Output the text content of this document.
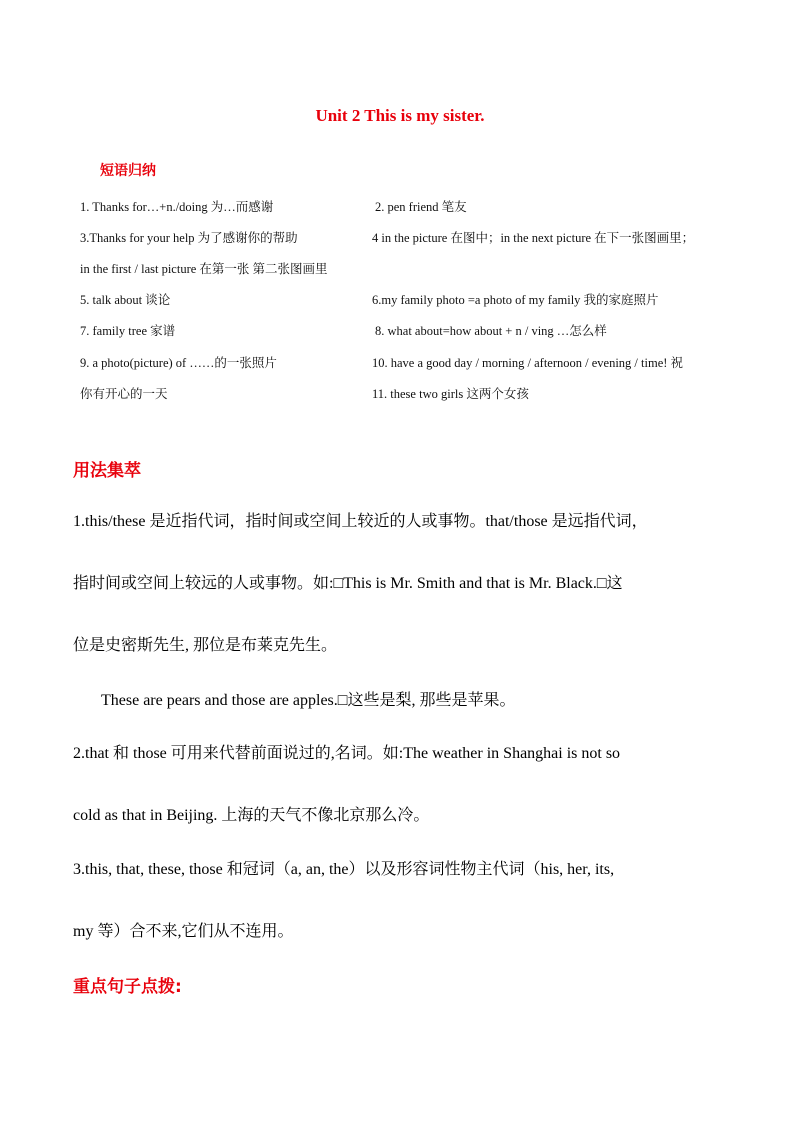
Unit 2 This is my sister.
短语归纳
1. Thanks for…+n./doing 为…而感谢	2. pen friend 笔友
3.Thanks for your help 为了感谢你的帮助	4 in the picture 在图中；in the next picture 在下一张图画里；
in the first / last picture 在第一张 第二张图画里
5. talk about 谈论	6.my family photo =a photo of my family 我的家庭照片
7. family tree 家谱	8. what about=how about + n / ving …怎么样
9. a photo(picture) of ……的一张照片	10. have a good day / morning / afternoon / evening / time! 祝
你有开心的一天	11. these two girls 这两个女孩
用法集萃
1.this/these 是近指代词，指时间或空间上较近的人或事物。that/those 是远指代词，
指时间或空间上较远的人或事物。如:□This is Mr. Smith and that is Mr. Black.□这
位是史密斯先生, 那位是布莱克先生。
These are pears and those are apples.□这些是梨, 那些是苹果。
2.that 和 those 可用来代替前面说过的,名词。如:The weather in Shanghai is not so
cold as that in Beijing. 上海的天气不像北京那么冷。
3.this, that, these, those 和冠词（a, an, the）以及形容词性物主代词（his, her, its,
my 等）合不来,它们从不连用。
重点句子点拨:
